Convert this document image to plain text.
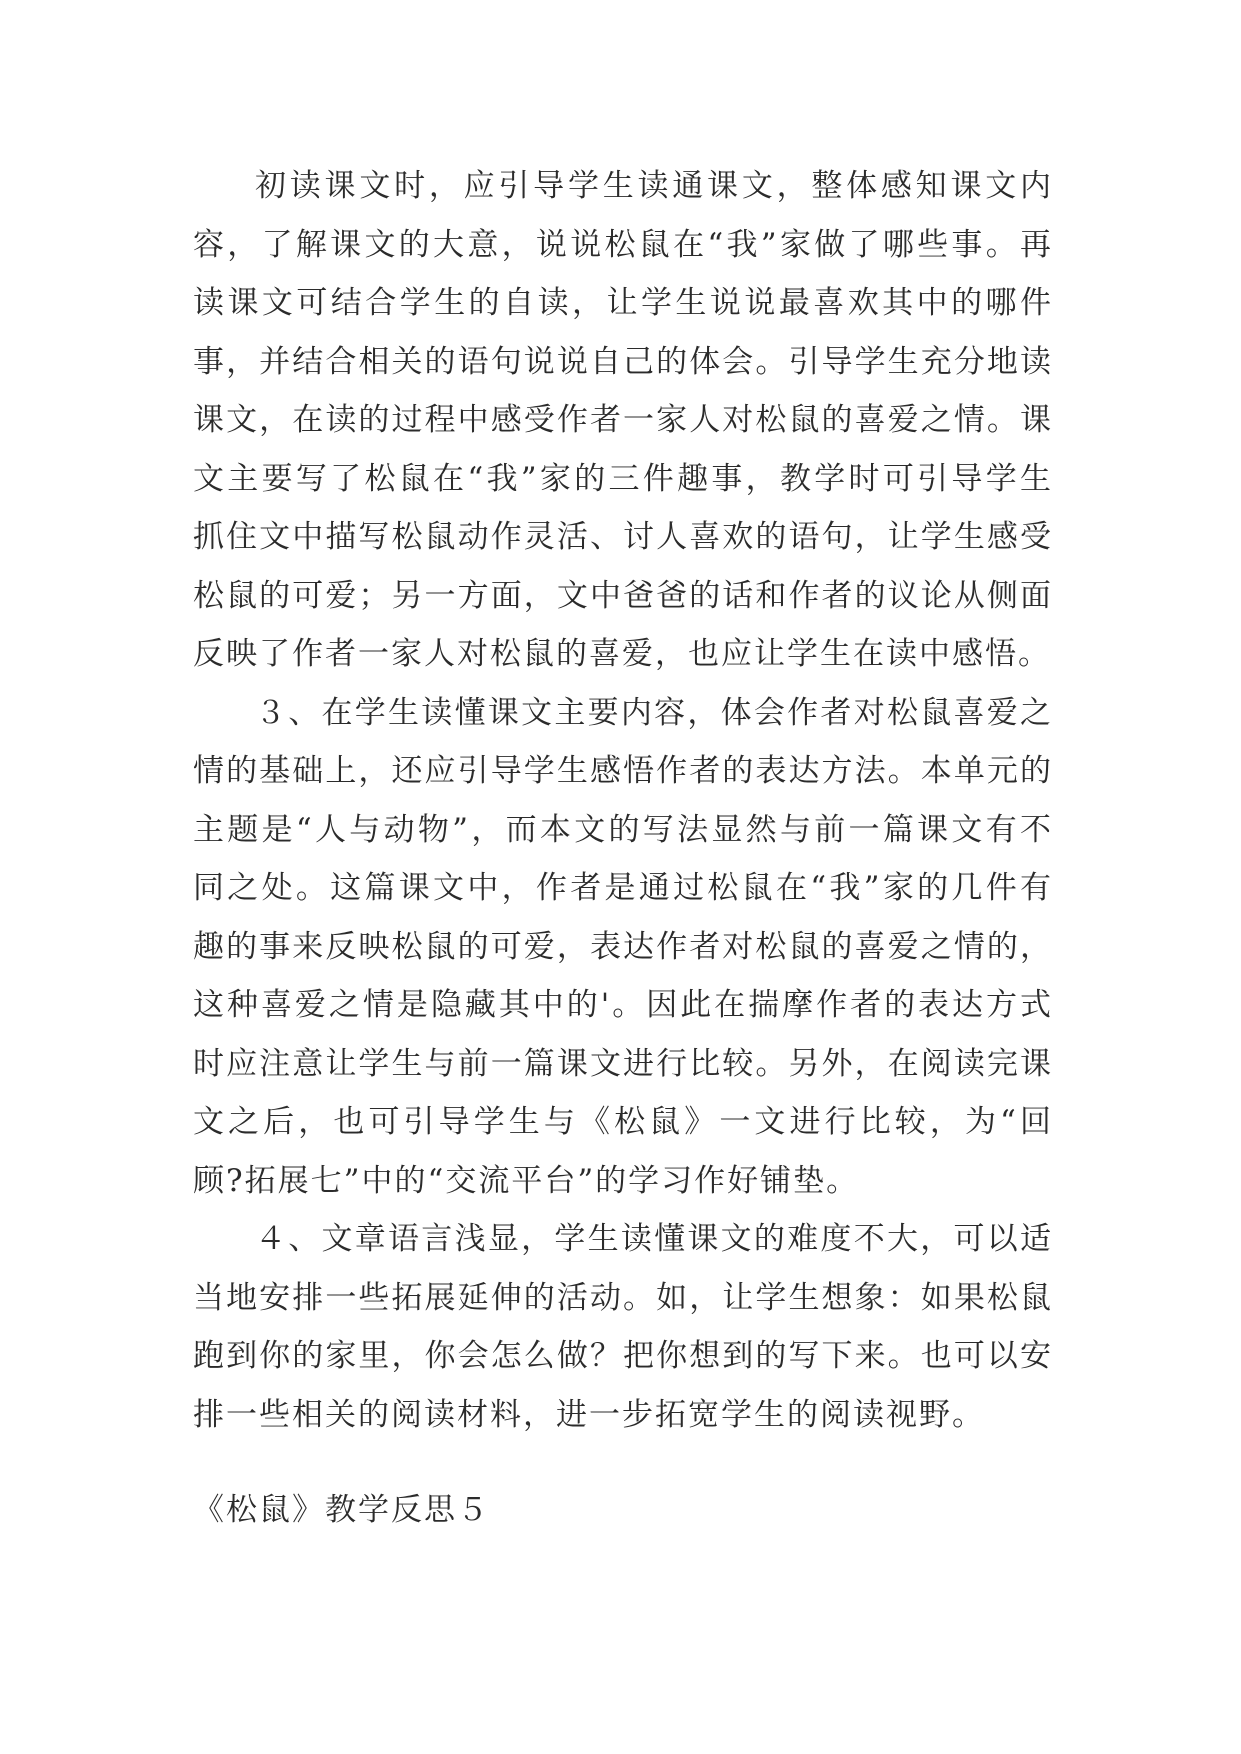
初读课文时，应引导学生读通课文，整体感知课文内容，了解课文的大意，说说松鼠在“我”家做了哪些事。再读课文可结合学生的自读，让学生说说最喜欢其中的哪件事，并结合相关的语句说说自己的体会。引导学生充分地读课文，在读的过程中感受作者一家人对松鼠的喜爱之情。课文主要写了松鼠在“我”家的三件趣事，教学时可引导学生抓住文中描写松鼠动作灵活、讨人喜欢的语句，让学生感受松鼠的可爱；另一方面，文中爸爸的话和作者的议论从侧面反映了作者一家人对松鼠的喜爱，也应让学生在读中感悟。

３、在学生读懂课文主要内容，体会作者对松鼠喜爱之情的基础上，还应引导学生感悟作者的表达方法。本单元的主题是“人与动物”，而本文的写法显然与前一篇课文有不同之处。这篇课文中，作者是通过松鼠在“我”家的几件有趣的事来反映松鼠的可爱，表达作者对松鼠的喜爱之情的，这种喜爱之情是隐藏其中的'。因此在揣摩作者的表达方式时应注意让学生与前一篇课文进行比较。另外，在阅读完课文之后，也可引导学生与《松鼠》一文进行比较，为“回顾?拓展七”中的“交流平台”的学习作好铺垫。

４、文章语言浅显，学生读懂课文的难度不大，可以适当地安排一些拓展延伸的活动。如，让学生想象：如果松鼠跑到你的家里，你会怎么做？把你想到的写下来。也可以安排一些相关的阅读材料，进一步拓宽学生的阅读视野。

《松鼠》教学反思５
